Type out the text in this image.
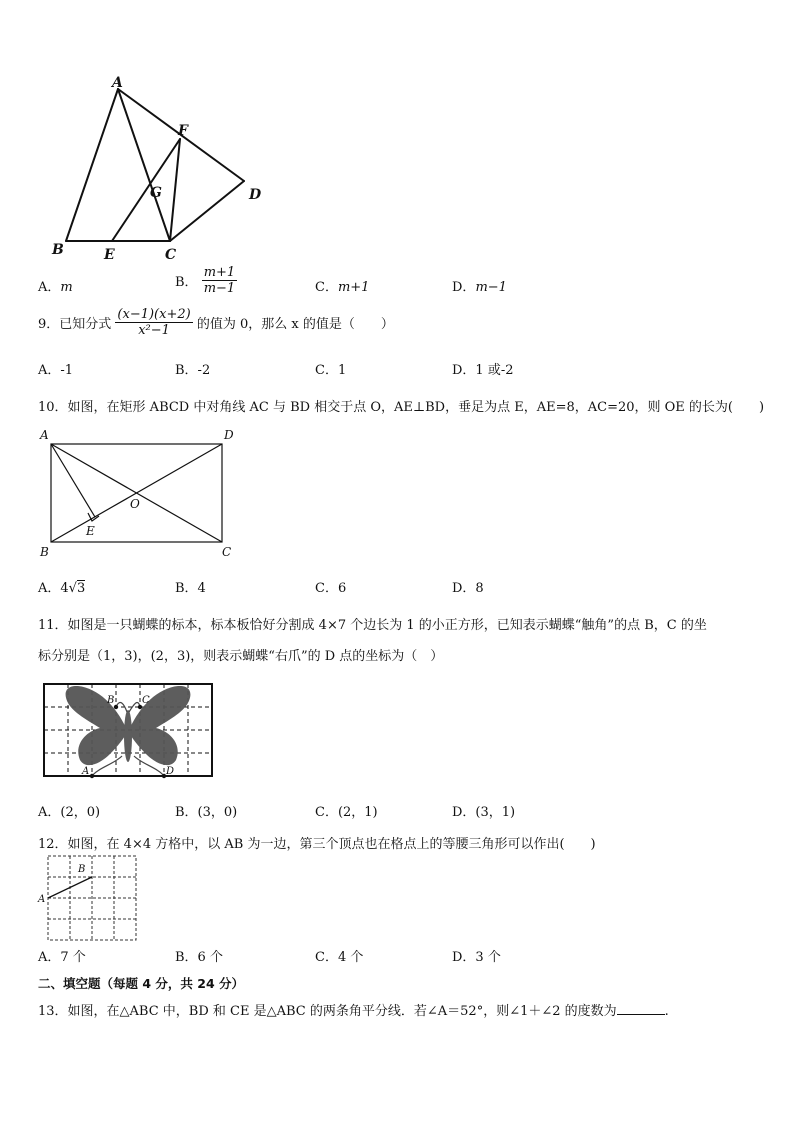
A
F
G	D
B	E	C
A．m	B． $\frac{m+1}{m-1}$	C．m+1	D．m−1
9．已知分式 $\frac{(x-1)(x+2)}{\text{x²−1}}$ 的值为 0，那么 x 的值是（　　）
A．-1	B．-2	C．1	D．1 或-2
10．如图，在矩形 ABCD 中对角线 AC 与 BD 相交于点 O，AE⊥BD，垂足为点 E，AE=8，AC=20，则 OE 的长为(　　)
A	D
O
E
B	C
A．4√3	B．4	C．6	D．8
11．如图是一只蝴蝶的标本，标本板恰好分割成 4×7 个边长为 1 的小正方形，已知表示蝴蝶“触角”的点 B，C 的坐
标分别是（1，3)，(2，3)，则表示蝴蝶“右爪”的 D 点的坐标为（　）
B	C
A	D
A．(2，0)	B．(3，0)	C．(2，1)	D．(3，1)
12．如图，在 4×4 方格中，以 AB 为一边，第三个顶点也在格点上的等腰三角形可以作出(　　)
A
B
A．7 个	B．6 个	C．4 个	D．3 个
二、填空题（每题 4 分，共 24 分）
13．如图，在△ABC 中，BD 和 CE 是△ABC 的两条角平分线．若∠A＝52°，则∠1＋∠2 的度数为	.
